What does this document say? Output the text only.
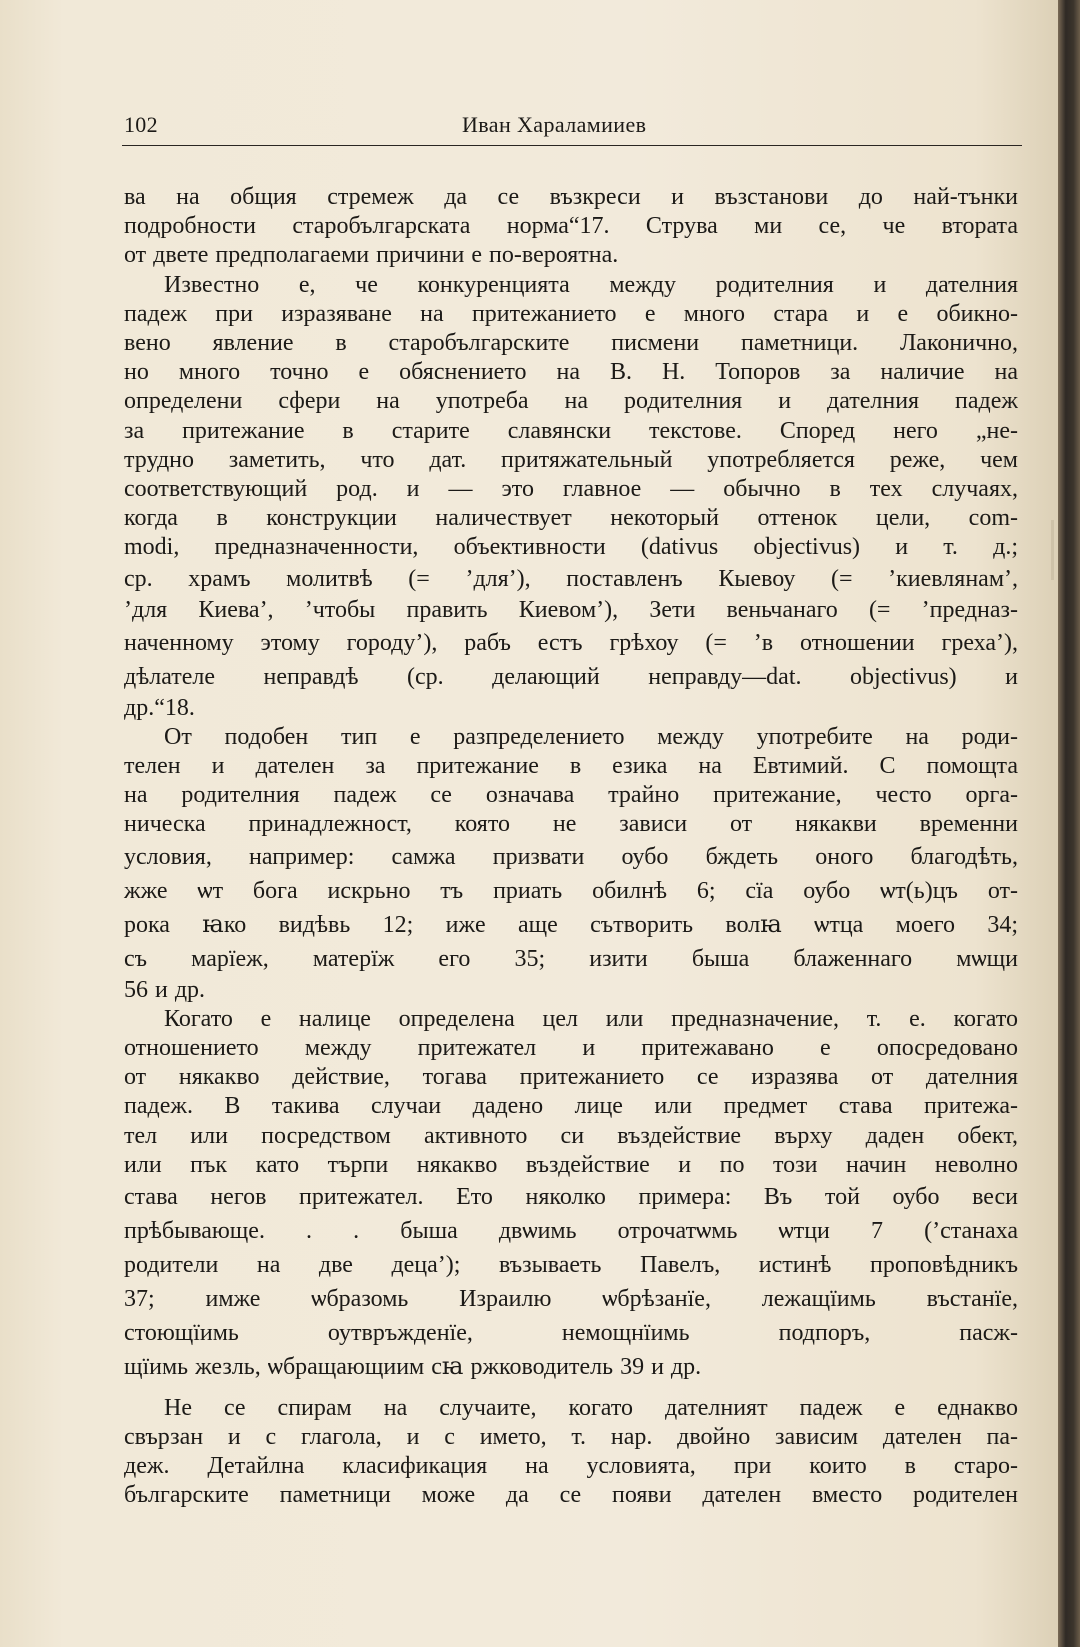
102	Иван Хараламииев
ва на общия стремеж да се възкреси и възстанови до най-тънки
подробности старобългарската норма“17. Струва ми се, че втората
от двете предполагаеми причини е по-вероятна.
Известно е, че конкуренцията между родителния и дателния
падеж при изразяване на притежанието е много стара и е обикно-
вено явление в старобългарските писмени паметници. Лаконично,
но много точно е обяснението на В. Н. Топоров за наличие на
определени сфери на употреба на родителния и дателния падеж
за притежание в старите славянски текстове. Според него „не-
трудно заметить, что дат. притяжательный употребляется реже, чем
соответствующий род. и — это главное — обычно в тех случаях,
когда в конструкции наличествует некоторый оттенок цели, com-
modi, предназначенности, объективности (dativus objectivus) и т. д.;
ср. храмъ молитвѣ (= ’для’), поставленъ Кыевоу (= ’киевлянам’,
’для Киева’, ’чтобы править Киевом’), Зети веньчанаго (= ’предназ-
наченному этому городу’), рабъ естъ грѣхоу (= ’в отношении греха’),
дѣлателе неправдѣ (ср. делающий неправду—dat. objectivus) и
др.“18.
От подобен тип е разпределението между употребите на роди-
телен и дателен за притежание в езика на Евтимий. С помощта
на родителния падеж се означава трайно притежание, често орга-
ническа принадлежност, която не зависи от някакви временни
условия, например: самжа призвати оубо бждеть оного благодѣть,
жже ѡт бога искрьно тъ приать обилнѣ 6; сїа оубо ѡт(ь)цъ от-
рока ꙗко видѣвь 12; ижe аще сътворить волꙗ ѡтца моего 34;
съ марїеж, матерїж его 35; изити быша блаженнаго мѡщи
56 и др.
Когато е налице определена цел или предназначение, т. е. когато
отношението между притежател и притежавано е опосредовано
от някакво действие, тогава притежанието се изразява от дателния
падеж. В такива случаи дадено лице или предмет става притежа-
тел или посредством активното си въздействие върху даден обект,
или пък като търпи някакво въздействие и по този начин неволно
става негов притежател. Ето няколко примера: Въ той оубо веси
прѣбывающе. . . быша двѡимь отрочатѡмь ѡтци 7 (’станаха
родители на две деца’); възываеть Павелъ, истинѣ проповѣдникъ
37; имже ѡбразомь Израилю ѡбрѣзанїе, лежащїимь въстанїе,
стоющїимь оутвръжденїе, немощнїимь подпоръ, пасж-
щїимь жезль, ѡбращающиим сꙗ ржководитель 39 и др.
Не се спирам на случаите, когато дателният падеж е еднакво
свързан и с глагола, и с името, т. нар. двойно зависим дателен па-
деж. Детайлна класификация на условията, при които в старо-
българските паметници може да се появи дателен вместо родителен
